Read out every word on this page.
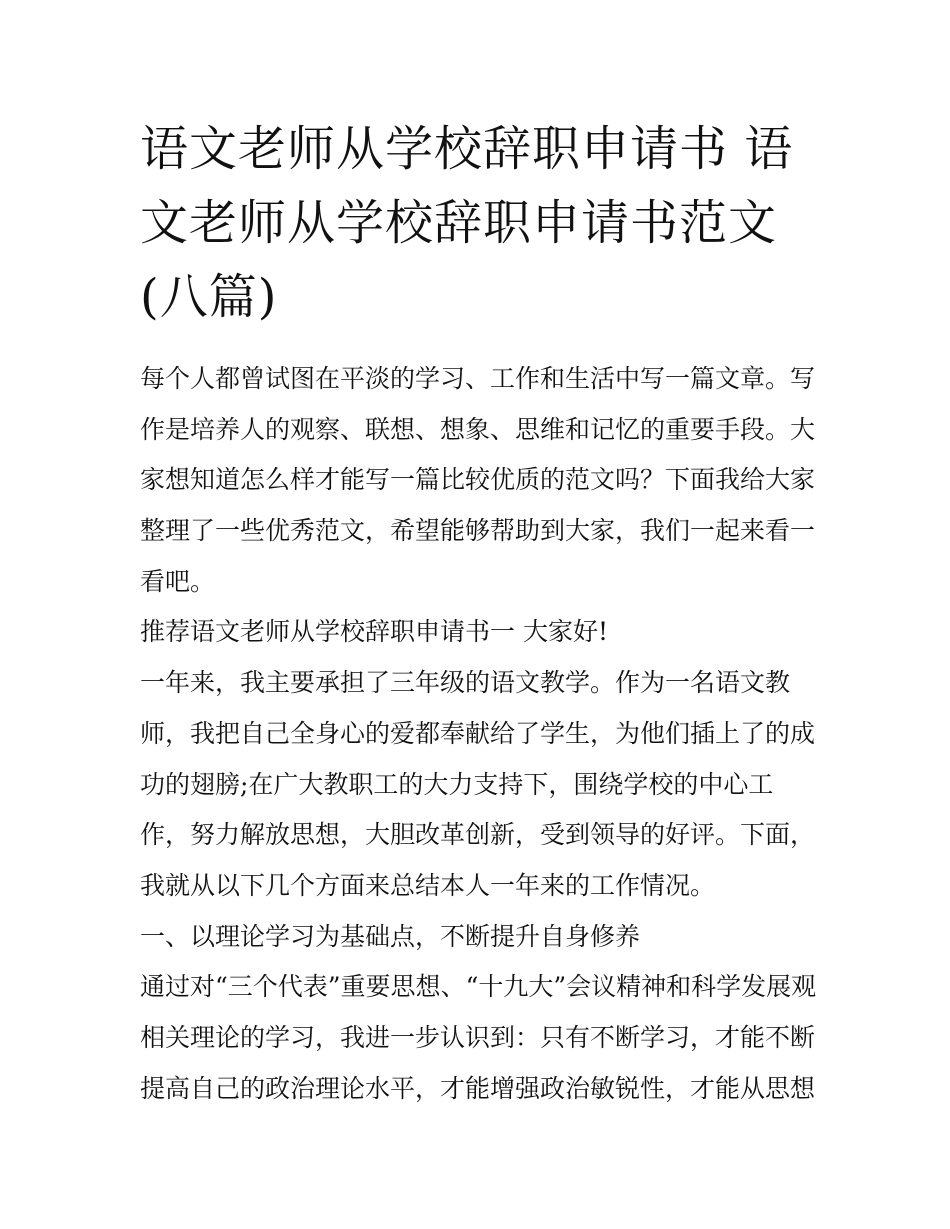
语文老师从学校辞职申请书 语
文老师从学校辞职申请书范文
(八篇)
每个人都曾试图在平淡的学习、工作和生活中写一篇文章。写
作是培养人的观察、联想、想象、思维和记忆的重要手段。大
家想知道怎么样才能写一篇比较优质的范文吗？下面我给大家
整理了一些优秀范文，希望能够帮助到大家，我们一起来看一
看吧。
推荐语文老师从学校辞职申请书一 大家好!
一年来，我主要承担了三年级的语文教学。作为一名语文教
师，我把自己全身心的爱都奉献给了学生，为他们插上了的成
功的翅膀;在广大教职工的大力支持下，围绕学校的中心工
作，努力解放思想，大胆改革创新，受到领导的好评。下面，
我就从以下几个方面来总结本人一年来的工作情况。
一、以理论学习为基础点，不断提升自身修养
通过对“三个代表”重要思想、“十九大”会议精神和科学发展观
相关理论的学习，我进一步认识到：只有不断学习，才能不断
提高自己的政治理论水平，才能增强政治敏锐性，才能从思想
